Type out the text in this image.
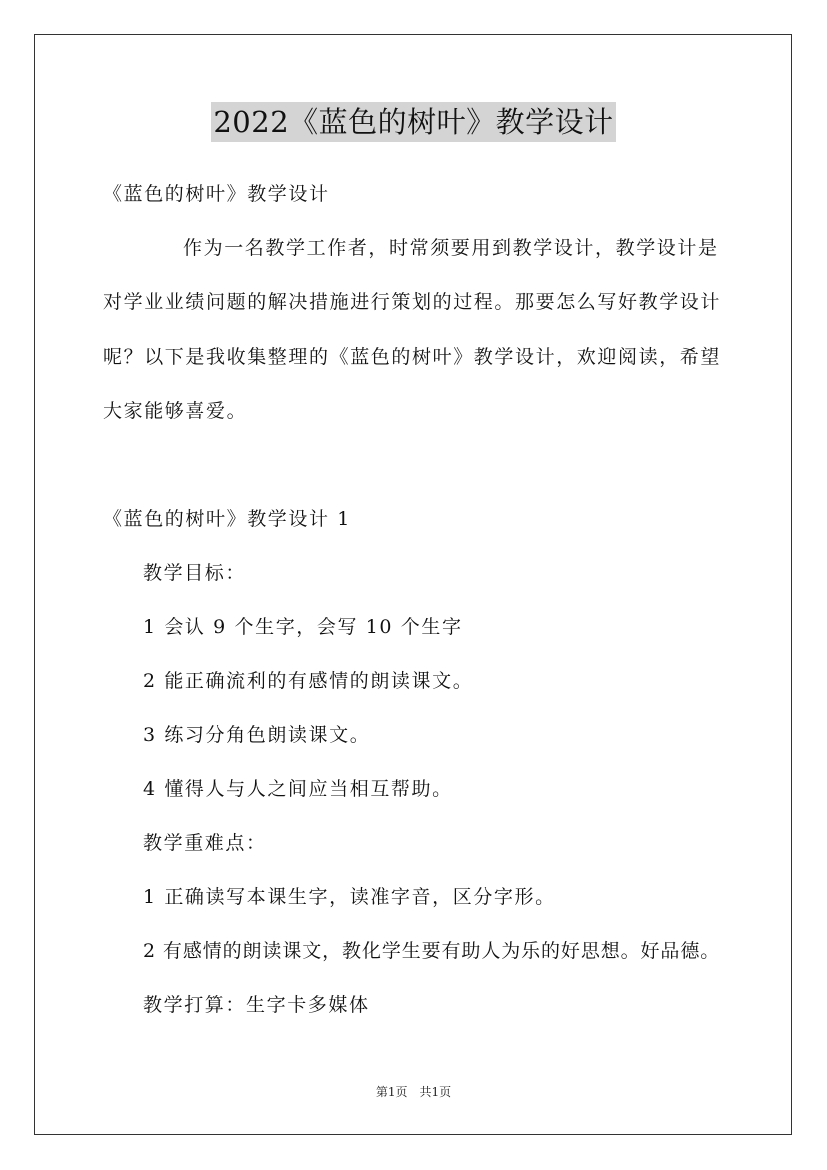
2022《蓝色的树叶》教学设计
《蓝色的树叶》教学设计
作为一名教学工作者，时常须要用到教学设计，教学设计是
对学业业绩问题的解决措施进行策划的过程。那要怎么写好教学设计
呢？以下是我收集整理的《蓝色的树叶》教学设计，欢迎阅读，希望
大家能够喜爱。
《蓝色的树叶》教学设计 1
教学目标：
1 会认 9 个生字，会写 10 个生字
2 能正确流利的有感情的朗读课文。
3 练习分角色朗读课文。
4 懂得人与人之间应当相互帮助。
教学重难点：
1 正确读写本课生字，读准字音，区分字形。
2 有感情的朗读课文，教化学生要有助人为乐的好思想。好品德。
教学打算：生字卡多媒体
第1页　共1页
